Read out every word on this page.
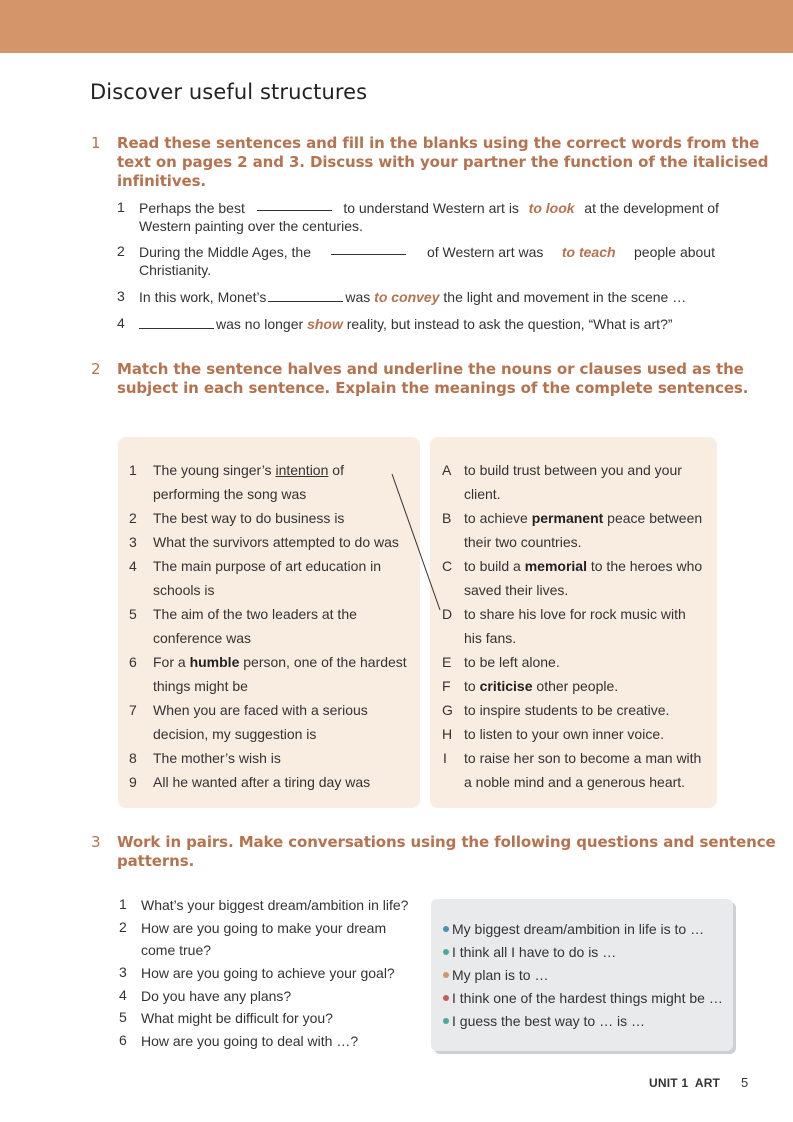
Discover useful structures
1 Read these sentences and fill in the blanks using the correct words from the
text on pages 2 and 3. Discuss with your partner the function of the italicised
infinitives.
1 Perhaps the best	to understand Western art is to look at the development of
Western painting over the centuries.
2 During the Middle Ages, the	of Western art was to teach people about
Christianity.
3 In this work, Monet’s	was to convey the light and movement in the scene …
4	was no longer show reality, but instead to ask the question, “What is art?”
2 Match the sentence halves and underline the nouns or clauses used as the
subject in each sentence. Explain the meanings of the complete sentences.
1 The young singer’s intention of
performing the song was
2 The best way to do business is
3 What the survivors attempted to do was
4 The main purpose of art education in
schools is
5 The aim of the two leaders at the
conference was
6 For a humble person, one of the hardest
things might be
7 When you are faced with a serious
decision, my suggestion is
8 The mother’s wish is
9 All he wanted after a tiring day was
A to build trust between you and your
client.
B to achieve permanent peace between
their two countries.
C to build a memorial to the heroes who
saved their lives.
D to share his love for rock music with
his fans.
E to be left alone.
F to criticise other people.
G to inspire students to be creative.
H to listen to your own inner voice.
I to raise her son to become a man with
a noble mind and a generous heart.
3 Work in pairs. Make conversations using the following questions and sentence
patterns.
1 What’s your biggest dream/ambition in life?
2 How are you going to make your dream
come true?
3 How are you going to achieve your goal?
4 Do you have any plans?
5 What might be difficult for you?
6 How are you going to deal with …?
My biggest dream/ambition in life is to …
I think all I have to do is …
My plan is to …
I think one of the hardest things might be …
I guess the best way to … is …
UNIT 1  ART 5
